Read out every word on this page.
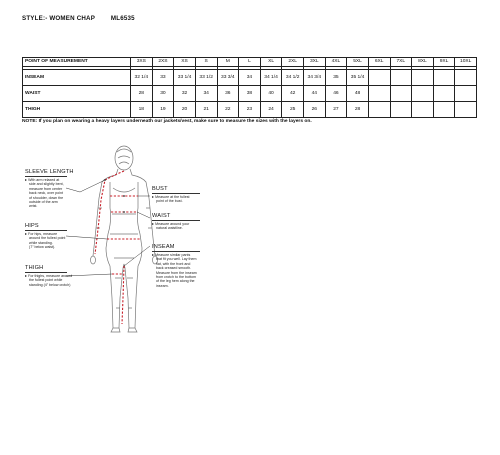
STYLE:- WOMEN CHAP	ML6535
POINT OF MEASUREMENT	3XS	2XS	XS	S	M	L	XL	2XL	3XL	4XL	5XL	6XL	7XL	8XL	9XL	10XL

INSEAM	32 1/4	33	33 1/4	33 1/2	33 3/4	34	34 1/4	34 1/2	34 3/4	35	35 1/4					
WAIST	28	30	32	34	36	38	40	42	44	46	48					
THIGH	18	19	20	21	22	23	24	25	26	27	28					
NOTE: If you plan on wearing a heavy layers underneath our jackets/vest, make sure to measure the sizes with the layers on.
SLEEVE LENGTH
▸ With arm relaxed at
side and slightly bent,
measure from center
back neck, over point
of shoulder, down the
outside of the arm
wrist.
BUST
▸ Measure at the fullest
point of the bust.
WAIST
▸ Measure around your
natural waistline.
HIPS
▸ For hips, measure
around the fullest point
while standing.
(7" below waist).	INSEAM
▸ Measure similar pants
that fit you well. Lay them
flat, with the front and
back creased smooth.
Measure from the inseam
from crotch to the bottom
of the leg hem along the
inseam.
THIGH
▸ For thighs, measure around
the fullest point while
standing (4" below crotch)
